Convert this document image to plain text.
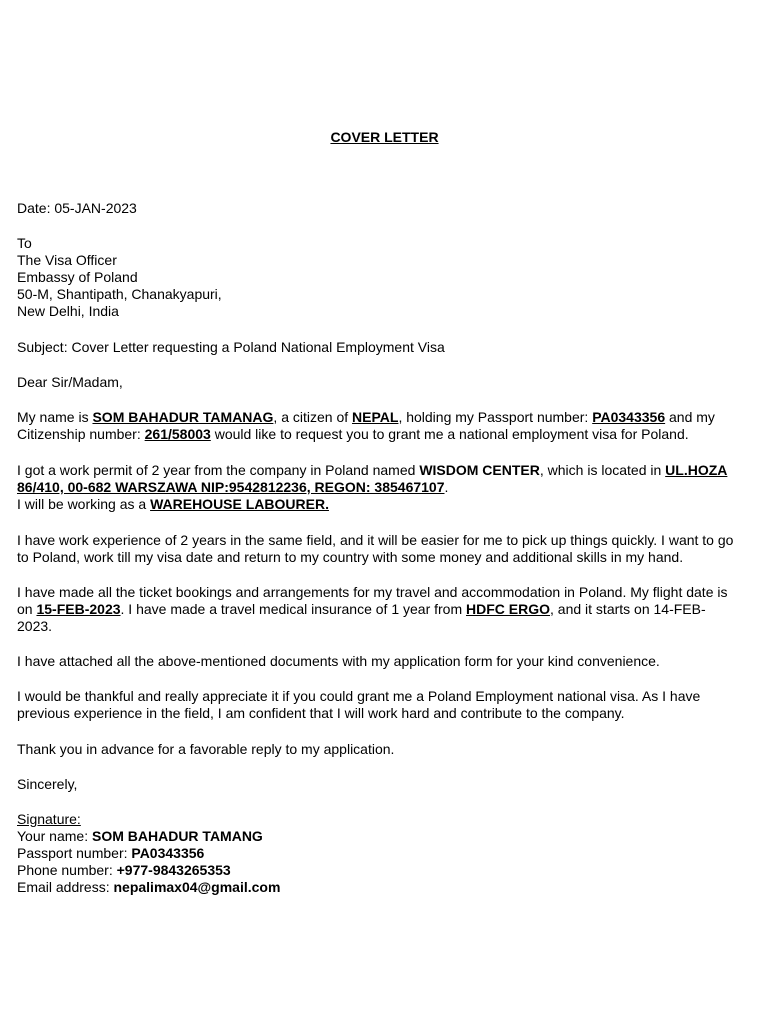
COVER LETTER
Date: 05-JAN-2023
To
The Visa Officer
Embassy of Poland
50-M, Shantipath, Chanakyapuri,
New Delhi, India
Subject: Cover Letter requesting a Poland National Employment Visa
Dear Sir/Madam,
My name is SOM BAHADUR TAMANAG, a citizen of NEPAL, holding my Passport number: PA0343356 and my
Citizenship number: 261/58003 would like to request you to grant me a national employment visa for Poland.
I got a work permit of 2 year from the company in Poland named WISDOM CENTER, which is located in UL.HOZA
86/410, 00-682 WARSZAWA NIP:9542812236, REGON: 385467107.
I will be working as a WAREHOUSE LABOURER.
I have work experience of 2 years in the same field, and it will be easier for me to pick up things quickly. I want to go
to Poland, work till my visa date and return to my country with some money and additional skills in my hand.
I have made all the ticket bookings and arrangements for my travel and accommodation in Poland. My flight date is
on 15-FEB-2023. I have made a travel medical insurance of 1 year from HDFC ERGO, and it starts on 14-FEB-
2023.
I have attached all the above-mentioned documents with my application form for your kind convenience.
I would be thankful and really appreciate it if you could grant me a Poland Employment national visa. As I have
previous experience in the field, I am confident that I will work hard and contribute to the company.
Thank you in advance for a favorable reply to my application.
Sincerely,
Signature:
Your name: SOM BAHADUR TAMANG
Passport number: PA0343356
Phone number: +977-9843265353
Email address: nepalimax04@gmail.com
